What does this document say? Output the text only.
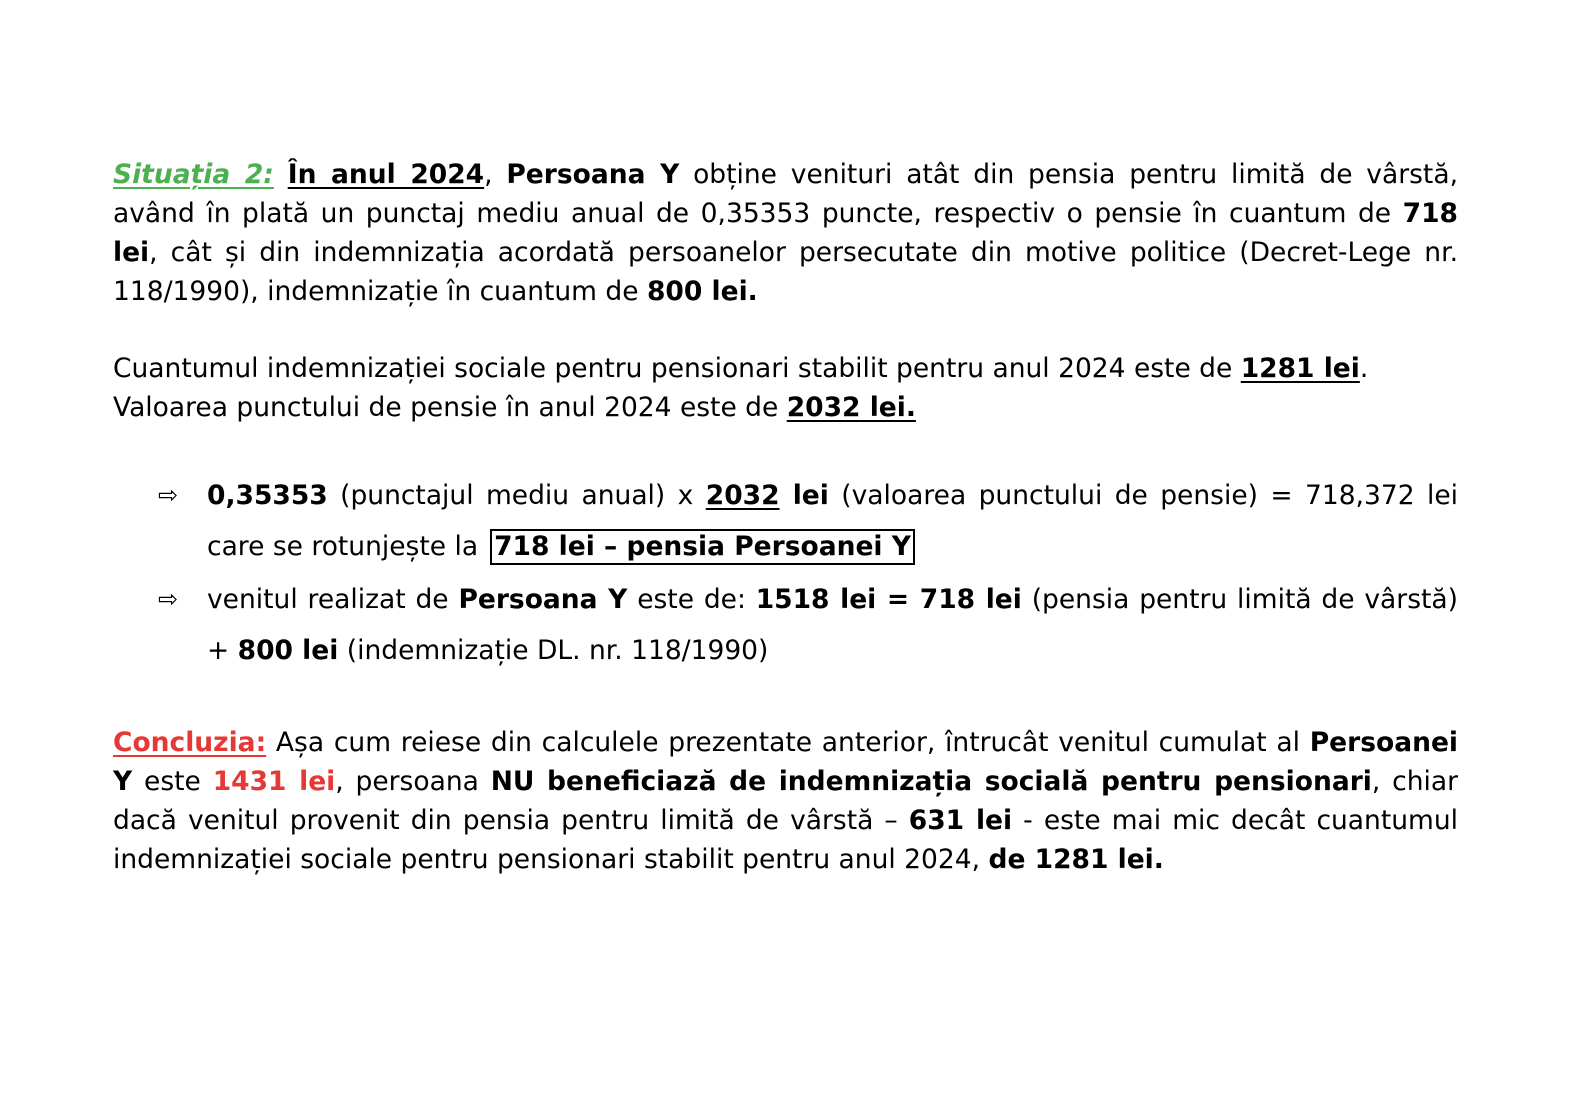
Situația 2: În anul 2024, Persoana Y obține venituri atât din pensia pentru limită de vârstă, având în plată un punctaj mediu anual de 0,35353 puncte, respectiv o pensie în cuantum de 718 lei, cât și din indemnizația acordată persoanelor persecutate din motive politice (Decret-Lege nr. 118/1990), indemnizație în cuantum de 800 lei.

Cuantumul indemnizației sociale pentru pensionari stabilit pentru anul 2024 este de 1281 lei.
Valoarea punctului de pensie în anul 2024 este de 2032 lei.

⇨	0,35353 (punctajul mediu anual) x 2032 lei (valoarea punctului de pensie) = 718,372 lei care se rotunjește la 718 lei – pensia Persoanei Y
⇨	venitul realizat de Persoana Y este de: 1518 lei = 718 lei (pensia pentru limită de vârstă) + 800 lei (indemnizație DL. nr. 118/1990)

Concluzia: Așa cum reiese din calculele prezentate anterior, întrucât venitul cumulat al Persoanei Y este 1431 lei, persoana NU beneficiază de indemnizația socială pentru pensionari, chiar dacă venitul provenit din pensia pentru limită de vârstă – 631 lei - este mai mic decât cuantumul indemnizației sociale pentru pensionari stabilit pentru anul 2024, de 1281 lei.
